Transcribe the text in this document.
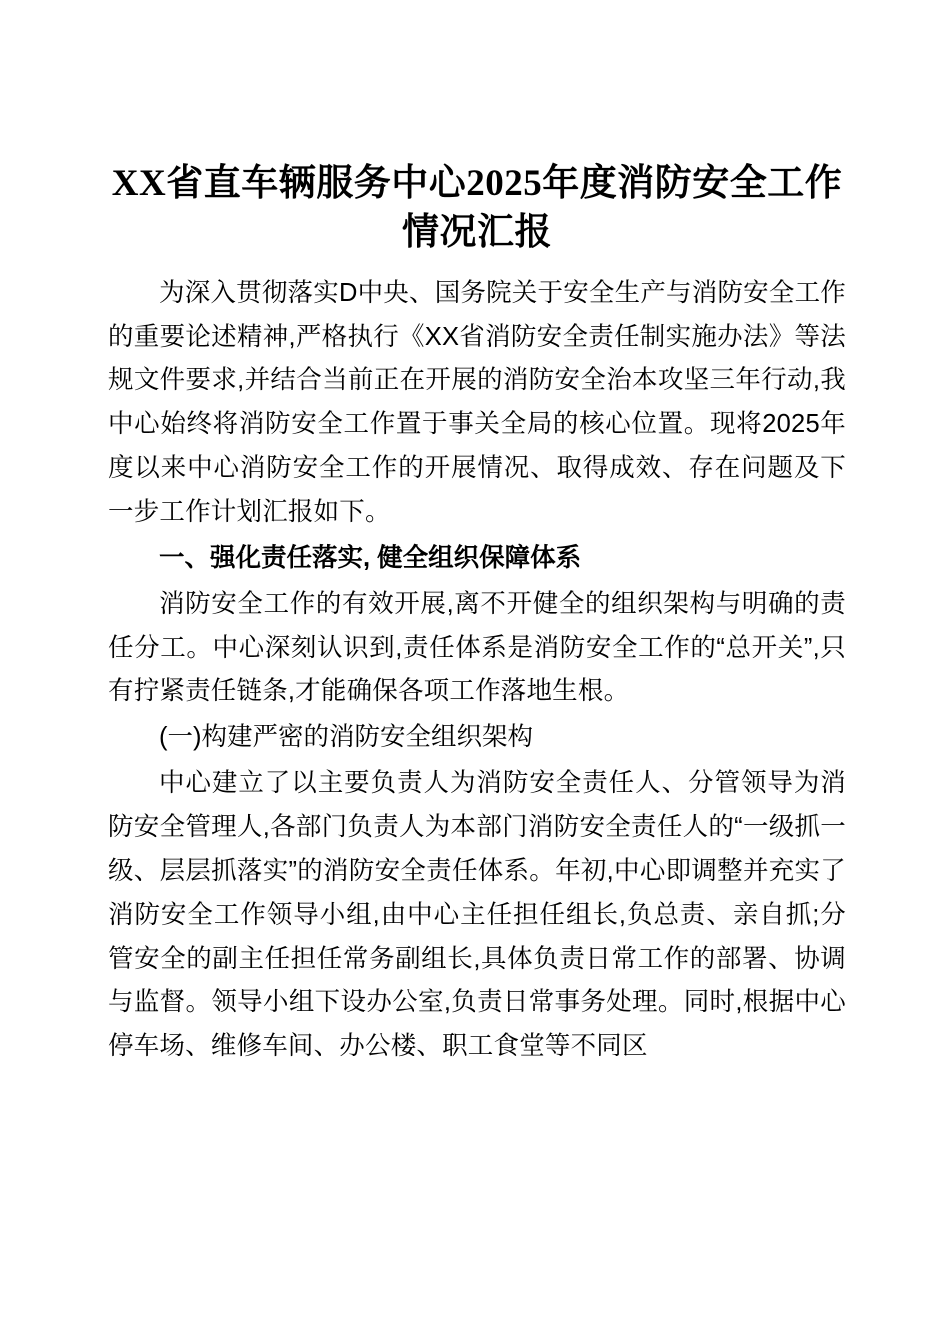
XX省直车辆服务中心2025年度消防安全工作情况汇报

为深入贯彻落实D中央、国务院关于安全生产与消防安全工作的重要论述精神,严格执行《XX省消防安全责任制实施办法》等法规文件要求,并结合当前正在开展的消防安全治本攻坚三年行动,我中心始终将消防安全工作置于事关全局的核心位置。现将2025年度以来中心消防安全工作的开展情况、取得成效、存在问题及下一步工作计划汇报如下。

一、强化责任落实, 健全组织保障体系

消防安全工作的有效开展,离不开健全的组织架构与明确的责任分工。中心深刻认识到,责任体系是消防安全工作的“总开关”,只有拧紧责任链条,才能确保各项工作落地生根。

(一)构建严密的消防安全组织架构

中心建立了以主要负责人为消防安全责任人、分管领导为消防安全管理人,各部门负责人为本部门消防安全责任人的“一级抓一级、层层抓落实”的消防安全责任体系。年初,中心即调整并充实了消防安全工作领导小组,由中心主任担任组长,负总责、亲自抓;分管安全的副主任担任常务副组长,具体负责日常工作的部署、协调与监督。领导小组下设办公室,负责日常事务处理。同时,根据中心停车场、维修车间、办公楼、职工食堂等不同区
